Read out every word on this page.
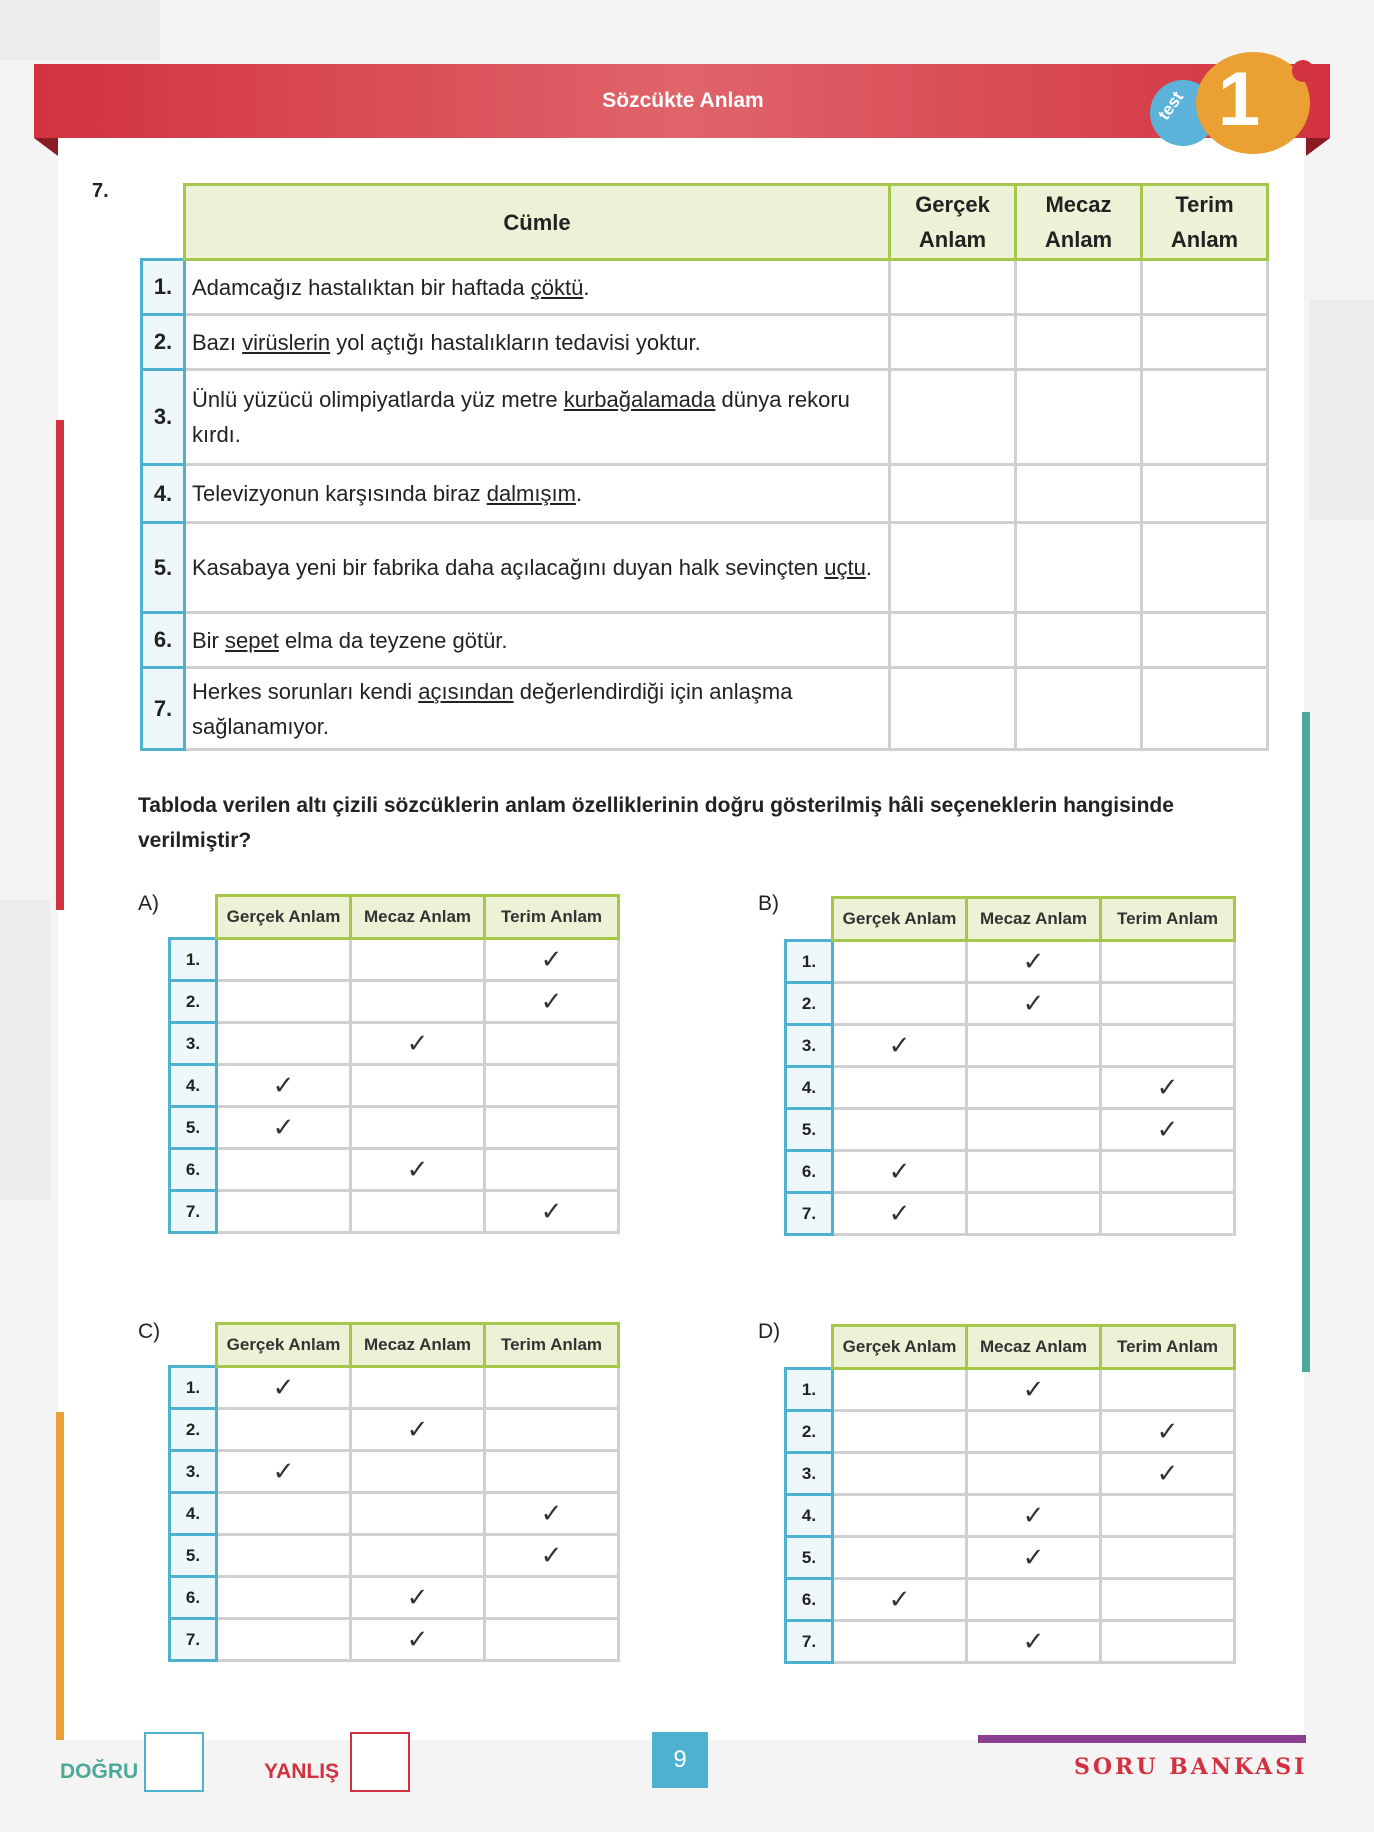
Sözcükte Anlam	test 1
7.
	Cümle	Gerçek Anlam	Mecaz Anlam	Terim Anlam
1.	Adamcağız hastalıktan bir haftada çöktü.			
2.	Bazı virüslerin yol açtığı hastalıkların tedavisi yoktur.			
3.	Ünlü yüzücü olimpiyatlarda yüz metre kurbağalamada dünya rekoru kırdı.			
4.	Televizyonun karşısında biraz dalmışım.			
5.	Kasabaya yeni bir fabrika daha açılacağını duyan halk sevinçten uçtu.			
6.	Bir sepet elma da teyzene götür.			
7.	Herkes sorunları kendi açısından değerlendirdiği için anlaşma sağlanamıyor.			
Tabloda verilen altı çizili sözcüklerin anlam özelliklerinin doğru gösterilmiş hâli seçeneklerin hangisinde verilmiştir?
A)	B)
C)	D)
	Gerçek Anlam	Mecaz Anlam	Terim Anlam
1.			✓
2.			✓
3.		✓	
4.	✓		
5.	✓		
6.		✓	
7.			✓
	Gerçek Anlam	Mecaz Anlam	Terim Anlam
1.		✓	
2.		✓	
3.	✓		
4.			✓
5.			✓
6.	✓		
7.	✓		
	Gerçek Anlam	Mecaz Anlam	Terim Anlam
1.	✓		
2.		✓	
3.	✓		
4.			✓
5.			✓
6.		✓	
7.		✓	
	Gerçek Anlam	Mecaz Anlam	Terim Anlam
1.		✓	
2.			✓
3.			✓
4.		✓	
5.		✓	
6.	✓		
7.		✓	
DOĞRU	YANLIŞ	9	SORU BANKASI
